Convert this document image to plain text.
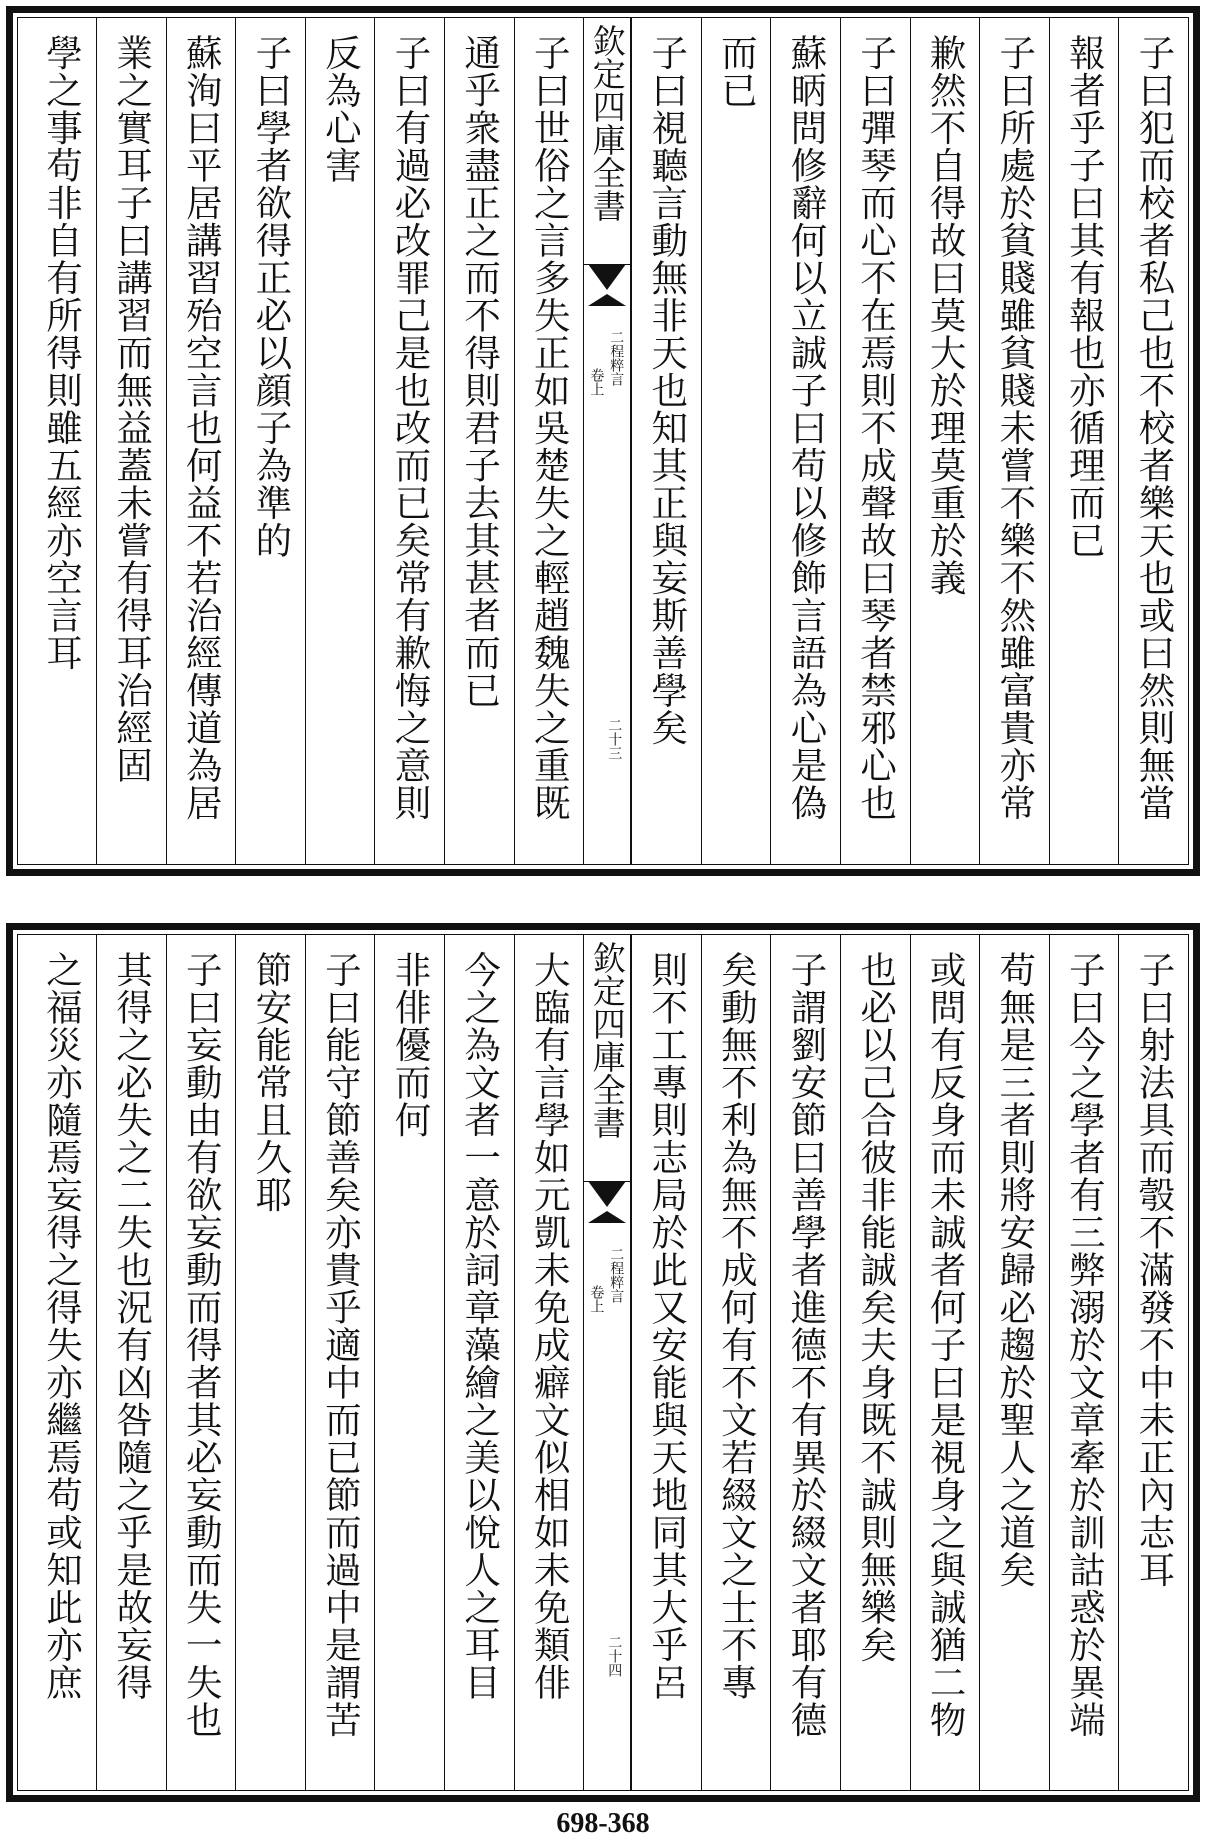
子曰犯而校者私己也不校者樂天也或曰然則無當
報者乎子曰其有報也亦循理而已
子曰所處於貧賤雖貧賤未嘗不樂不然雖富貴亦常
歉然不自得故曰莫大於理莫重於義
子曰彈琴而心不在焉則不成聲故曰琴者禁邪心也
蘇昞問修辭何以立誠子曰苟以修飾言語為心是偽
而已
子曰視聽言動無非天也知其正與妄斯善學矣
欽定四庫全書
二程粹言
卷上
二十三
子曰世俗之言多失正如吳楚失之輕趙魏失之重既
通乎衆盡正之而不得則君子去其甚者而已
子曰有過必改罪己是也改而已矣常有歉悔之意則
反為心害
子曰學者欲得正必以顔子為準的
蘇洵曰平居講習殆空言也何益不若治經傳道為居
業之實耳子曰講習而無益蓋未嘗有得耳治經固
學之事苟非自有所得則雖五經亦空言耳
子曰射法具而彀不滿發不中未正內志耳
子曰今之學者有三弊溺於文章牽於訓詁惑於異端
苟無是三者則將安歸必趨於聖人之道矣
或問有反身而未誠者何子曰是視身之與誠猶二物
也必以己合彼非能誠矣夫身既不誠則無樂矣
子謂劉安節曰善學者進德不有異於綴文者耶有德
矣動無不利為無不成何有不文若綴文之士不專
則不工專則志局於此又安能與天地同其大乎呂
欽定四庫全書
二程粹言
卷上
二十四
大臨有言學如元凱未免成癖文似相如未免類俳
今之為文者一意於詞章藻繪之美以悅人之耳目
非俳優而何
子曰能守節善矣亦貴乎適中而已節而過中是謂苦
節安能常且久耶
子曰妄動由有欲妄動而得者其必妄動而失一失也
其得之必失之二失也況有凶咎隨之乎是故妄得
之福災亦隨焉妄得之得失亦繼焉苟或知此亦庶
698-368
